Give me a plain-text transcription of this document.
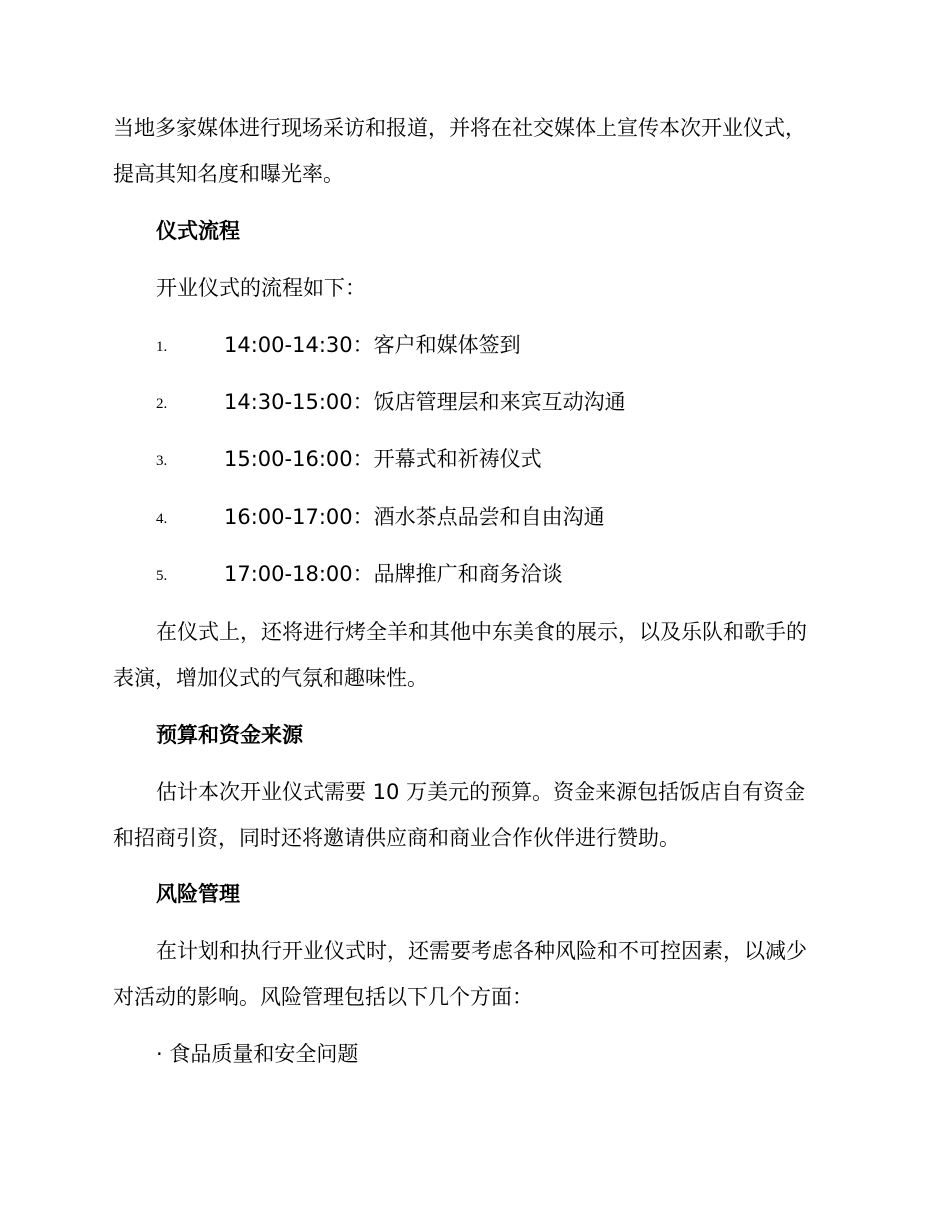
当地多家媒体进行现场采访和报道，并将在社交媒体上宣传本次开业仪式，
提高其知名度和曝光率。
仪式流程
开业仪式的流程如下：
1.	14:00-14:30：客户和媒体签到
2.	14:30-15:00：饭店管理层和来宾互动沟通
3.	15:00-16:00：开幕式和祈祷仪式
4.	16:00-17:00：酒水茶点品尝和自由沟通
5.	17:00-18:00：品牌推广和商务洽谈
在仪式上，还将进行烤全羊和其他中东美食的展示，以及乐队和歌手的
表演，增加仪式的气氛和趣味性。
预算和资金来源
估计本次开业仪式需要 10 万美元的预算。资金来源包括饭店自有资金
和招商引资，同时还将邀请供应商和商业合作伙伴进行赞助。
风险管理
在计划和执行开业仪式时，还需要考虑各种风险和不可控因素，以减少
对活动的影响。风险管理包括以下几个方面：
· 食品质量和安全问题
